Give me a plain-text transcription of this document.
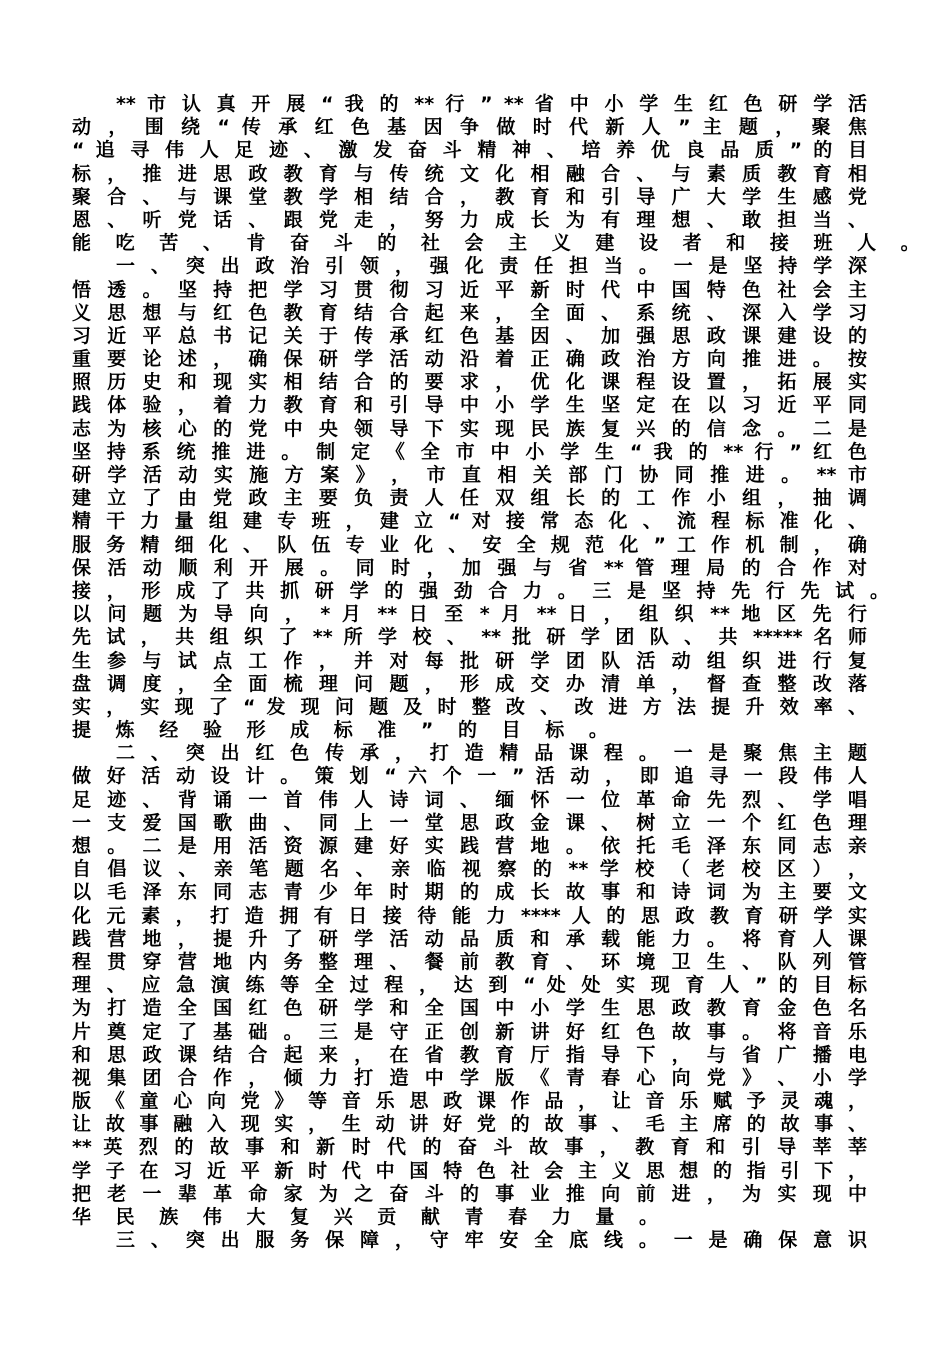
** 市 认 真 开 展 “ 我 的 ** 行 ” ** 省 中 小 学 生 红 色 研 学 活
动 ， 围 绕 “ 传 承 红 色 基 因 争 做 时 代 新 人 ” 主 题 ， 聚 焦
“ 追 寻 伟 人 足 迹 、 激 发 奋 斗 精 神 、 培 养 优 良 品 质 ” 的 目
标 ， 推 进 思 政 教 育 与 传 统 文 化 相 融 合 、 与 素 质 教 育 相
聚 合 、 与 课 堂 教 学 相 结 合 ， 教 育 和 引 导 广 大 学 生 感 党
恩 、 听 党 话 、 跟 党 走 ， 努 力 成 长 为 有 理 想 、 敢 担 当 、
能 吃 苦 、 肯 奋 斗 的 社 会 主 义 建 设 者 和 接 班 人 。
一 、 突 出 政 治 引 领 ， 强 化 责 任 担 当 。 一 是 坚 持 学 深
悟 透 。 坚 持 把 学 习 贯 彻 习 近 平 新 时 代 中 国 特 色 社 会 主
义 思 想 与 红 色 教 育 结 合 起 来 ， 全 面 、 系 统 、 深 入 学 习
习 近 平 总 书 记 关 于 传 承 红 色 基 因 、 加 强 思 政 课 建 设 的
重 要 论 述 ， 确 保 研 学 活 动 沿 着 正 确 政 治 方 向 推 进 。 按
照 历 史 和 现 实 相 结 合 的 要 求 ， 优 化 课 程 设 置 ， 拓 展 实
践 体 验 ， 着 力 教 育 和 引 导 中 小 学 生 坚 定 在 以 习 近 平 同
志 为 核 心 的 党 中 央 领 导 下 实 现 民 族 复 兴 的 信 念 。 二 是
坚 持 系 统 推 进 。 制 定 《 全 市 中 小 学 生 “ 我 的 ** 行 ” 红 色
研 学 活 动 实 施 方 案 》 ， 市 直 相 关 部 门 协 同 推 进 。 ** 市
建 立 了 由 党 政 主 要 负 责 人 任 双 组 长 的 工 作 小 组 ， 抽 调
精 干 力 量 组 建 专 班 ， 建 立 “ 对 接 常 态 化 、 流 程 标 准 化 、
服 务 精 细 化 、 队 伍 专 业 化 、 安 全 规 范 化 ” 工 作 机 制 ， 确
保 活 动 顺 利 开 展 。 同 时 ， 加 强 与 省 ** 管 理 局 的 合 作 对
接 ， 形 成 了 共 抓 研 学 的 强 劲 合 力 。 三 是 坚 持 先 行 先 试 。
以 问 题 为 导 向 ， * 月 ** 日 至 * 月 ** 日 ， 组 织 ** 地 区 先 行
先 试 ， 共 组 织 了 ** 所 学 校 、 ** 批 研 学 团 队 、 共 ***** 名 师
生 参 与 试 点 工 作 ， 并 对 每 批 研 学 团 队 活 动 组 织 进 行 复
盘 调 度 ， 全 面 梳 理 问 题 ， 形 成 交 办 清 单 ， 督 查 整 改 落
实 ， 实 现 了 “ 发 现 问 题 及 时 整 改 、 改 进 方 法 提 升 效 率 、
提 炼 经 验 形 成 标 准 ” 的 目 标 。
二 、 突 出 红 色 传 承 ， 打 造 精 品 课 程 。 一 是 聚 焦 主 题
做 好 活 动 设 计 。 策 划 “ 六 个 一 ” 活 动 ， 即 追 寻 一 段 伟 人
足 迹 、 背 诵 一 首 伟 人 诗 词 、 缅 怀 一 位 革 命 先 烈 、 学 唱
一 支 爱 国 歌 曲 、 同 上 一 堂 思 政 金 课 、 树 立 一 个 红 色 理
想 。 二 是 用 活 资 源 建 好 实 践 营 地 。 依 托 毛 泽 东 同 志 亲
自 倡 议 、 亲 笔 题 名 、 亲 临 视 察 的 ** 学 校 （ 老 校 区 ） ，
以 毛 泽 东 同 志 青 少 年 时 期 的 成 长 故 事 和 诗 词 为 主 要 文
化 元 素 ， 打 造 拥 有 日 接 待 能 力 **** 人 的 思 政 教 育 研 学 实
践 营 地 ， 提 升 了 研 学 活 动 品 质 和 承 载 能 力 。 将 育 人 课
程 贯 穿 营 地 内 务 整 理 、 餐 前 教 育 、 环 境 卫 生 、 队 列 管
理 、 应 急 演 练 等 全 过 程 ， 达 到 “ 处 处 实 现 育 人 ” 的 目 标
为 打 造 全 国 红 色 研 学 和 全 国 中 小 学 生 思 政 教 育 金 色 名
片 奠 定 了 基 础 。 三 是 守 正 创 新 讲 好 红 色 故 事 。 将 音 乐
和 思 政 课 结 合 起 来 ， 在 省 教 育 厅 指 导 下 ， 与 省 广 播 电
视 集 团 合 作 ， 倾 力 打 造 中 学 版 《 青 春 心 向 党 》 、 小 学
版 《 童 心 向 党 》 等 音 乐 思 政 课 作 品 ， 让 音 乐 赋 予 灵 魂 ，
让 故 事 融 入 现 实 ， 生 动 讲 好 党 的 故 事 、 毛 主 席 的 故 事 、
** 英 烈 的 故 事 和 新 时 代 的 奋 斗 故 事 ， 教 育 和 引 导 莘 莘
学 子 在 习 近 平 新 时 代 中 国 特 色 社 会 主 义 思 想 的 指 引 下 ，
把 老 一 辈 革 命 家 为 之 奋 斗 的 事 业 推 向 前 进 ， 为 实 现 中
华 民 族 伟 大 复 兴 贡 献 青 春 力 量 。
三 、 突 出 服 务 保 障 ， 守 牢 安 全 底 线 。 一 是 确 保 意 识
